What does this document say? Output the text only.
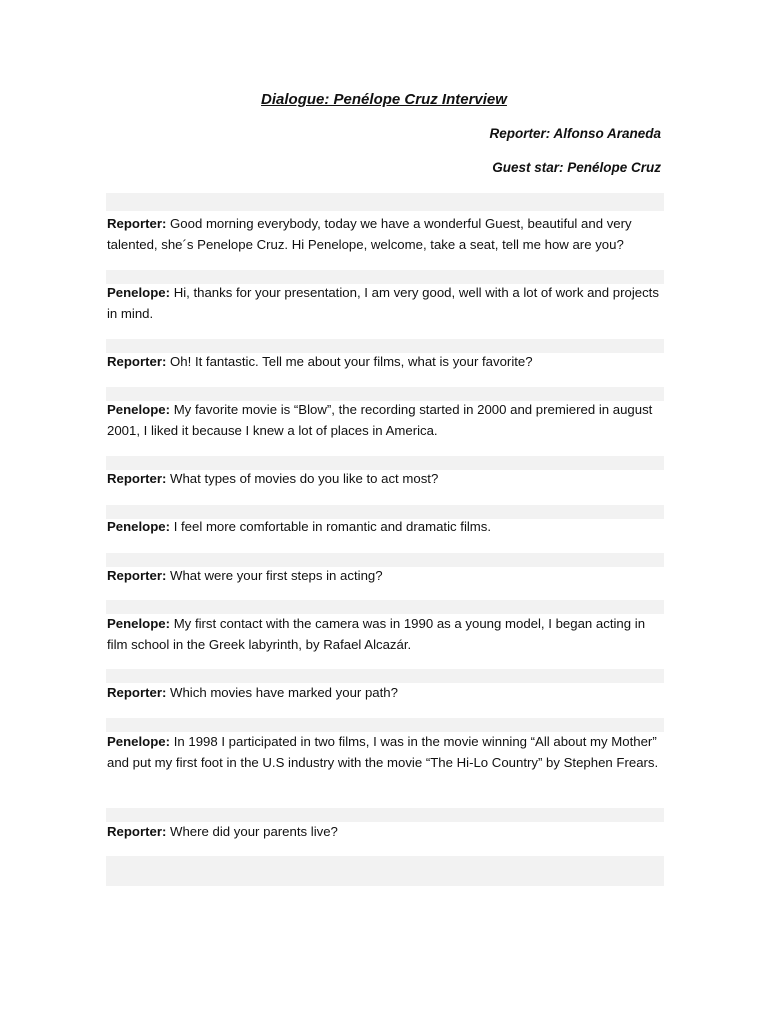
Dialogue: Penélope Cruz Interview
Reporter: Alfonso Araneda
Guest star: Penélope Cruz

Reporter: Good morning everybody, today we have a wonderful Guest, beautiful and very talented, she´s Penelope Cruz. Hi Penelope, welcome, take a seat, tell me how are you?

Penelope: Hi, thanks for your presentation, I am very good, well with a lot of work and projects in mind.

Reporter: Oh! It fantastic. Tell me about your films, what is your favorite?

Penelope: My favorite movie is “Blow”, the recording started in 2000 and premiered in august 2001, I liked it because I knew a lot of places in America.

Reporter: What types of movies do you like to act most?

Penelope: I feel more comfortable in romantic and dramatic films.

Reporter: What were your first steps in acting?

Penelope: My first contact with the camera was in 1990 as a young model, I began acting in film school in the Greek labyrinth, by Rafael Alcazár.

Reporter: Which movies have marked your path?

Penelope: In 1998 I participated in two films, I was in the movie winning “All about my Mother” and put my first foot in the U.S industry with the movie “The Hi-Lo Country” by Stephen Frears.

Reporter: Where did your parents live?
